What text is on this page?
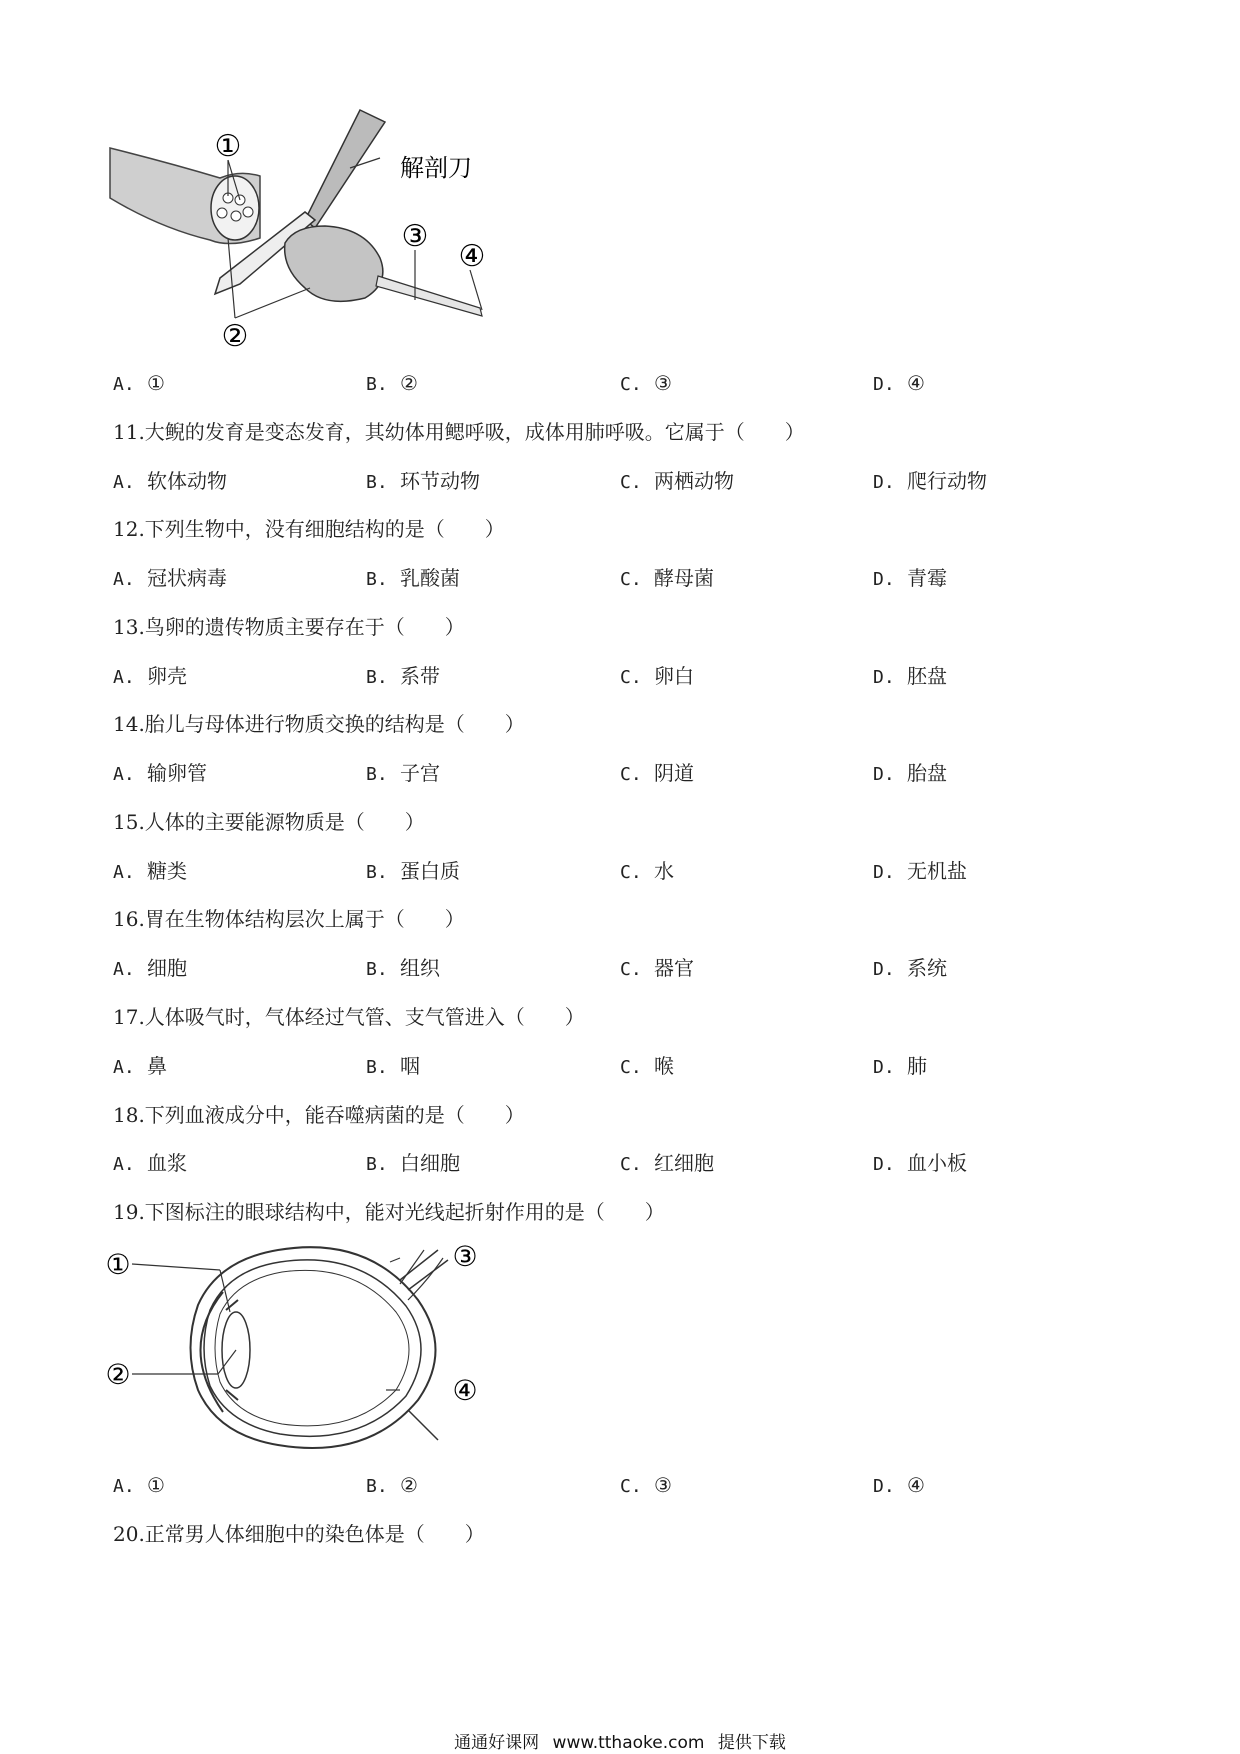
①
解剖刀
③
④
②
A. ①	B. ②	C. ③	D. ④
11.大鲵的发育是变态发育，其幼体用鳃呼吸，成体用肺呼吸。它属于（　　）
A. 软体动物	B. 环节动物	C. 两栖动物	D. 爬行动物
12.下列生物中，没有细胞结构的是（　　）
A. 冠状病毒	B. 乳酸菌	C. 酵母菌	D. 青霉
13.鸟卵的遗传物质主要存在于（　　）
A. 卵壳	B. 系带	C. 卵白	D. 胚盘
14.胎儿与母体进行物质交换的结构是（　　）
A. 输卵管	B. 子宫	C. 阴道	D. 胎盘
15.人体的主要能源物质是（　　）
A. 糖类	B. 蛋白质	C. 水	D. 无机盐
16.胃在生物体结构层次上属于（　　）
A. 细胞	B. 组织	C. 器官	D. 系统
17.人体吸气时，气体经过气管、支气管进入（　　）
A. 鼻	B. 咽	C. 喉	D. 肺
18.下列血液成分中，能吞噬病菌的是（　　）
A. 血浆	B. 白细胞	C. 红细胞	D. 血小板
19.下图标注的眼球结构中，能对光线起折射作用的是（　　）
①
②
③
④
A. ①	B. ②	C. ③	D. ④
20.正常男人体细胞中的染色体是（　　）
通通好课网 www.tthaoke.com 提供下载
